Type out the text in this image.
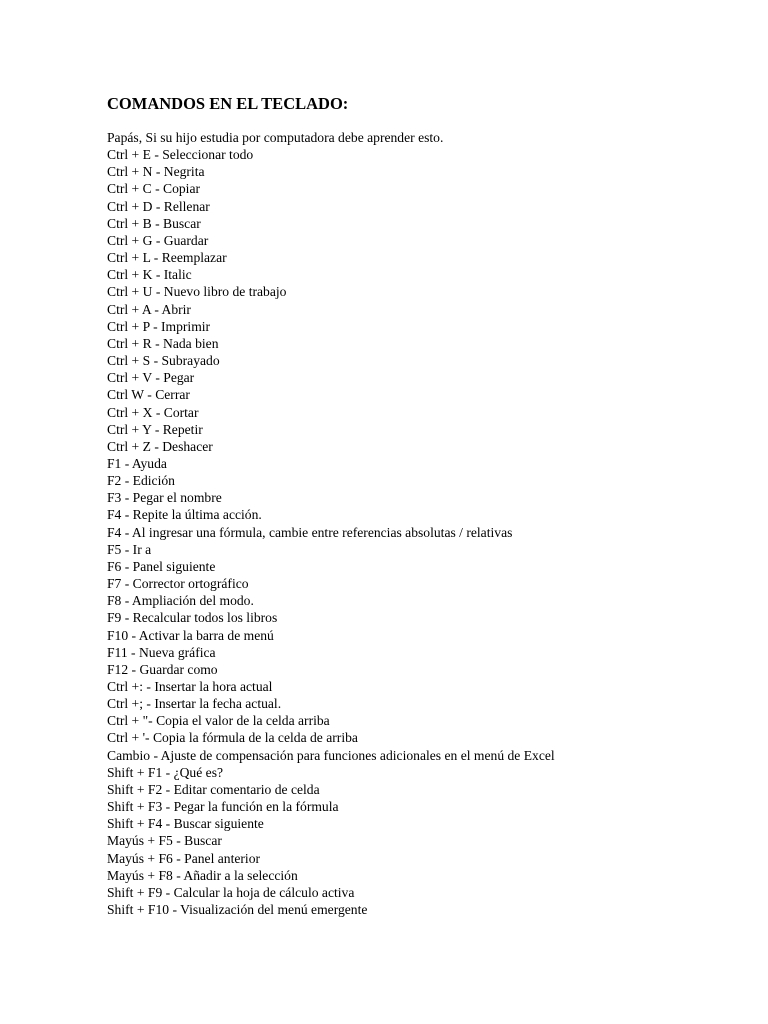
COMANDOS EN EL TECLADO:
Papás, Si su hijo estudia por computadora debe aprender esto.
Ctrl + E - Seleccionar todo
Ctrl + N - Negrita
Ctrl + C - Copiar
Ctrl + D - Rellenar
Ctrl + B - Buscar
Ctrl + G - Guardar
Ctrl + L - Reemplazar
Ctrl + K - Italic
Ctrl + U - Nuevo libro de trabajo
Ctrl + A - Abrir
Ctrl + P - Imprimir
Ctrl + R - Nada bien
Ctrl + S - Subrayado
Ctrl + V - Pegar
Ctrl W - Cerrar
Ctrl + X - Cortar
Ctrl + Y - Repetir
Ctrl + Z - Deshacer
F1 - Ayuda
F2 - Edición
F3 - Pegar el nombre
F4 - Repite la última acción.
F4 - Al ingresar una fórmula, cambie entre referencias absolutas / relativas
F5 - Ir a
F6 - Panel siguiente
F7 - Corrector ortográfico
F8 - Ampliación del modo.
F9 - Recalcular todos los libros
F10 - Activar la barra de menú
F11 - Nueva gráfica
F12 - Guardar como
Ctrl +: - Insertar la hora actual
Ctrl +; - Insertar la fecha actual.
Ctrl + "- Copia el valor de la celda arriba
Ctrl + '- Copia la fórmula de la celda de arriba
Cambio - Ajuste de compensación para funciones adicionales en el menú de Excel
Shift + F1 - ¿Qué es?
Shift + F2 - Editar comentario de celda
Shift + F3 - Pegar la función en la fórmula
Shift + F4 - Buscar siguiente
Mayús + F5 - Buscar
Mayús + F6 - Panel anterior
Mayús + F8 - Añadir a la selección
Shift + F9 - Calcular la hoja de cálculo activa
Shift + F10 - Visualización del menú emergente
